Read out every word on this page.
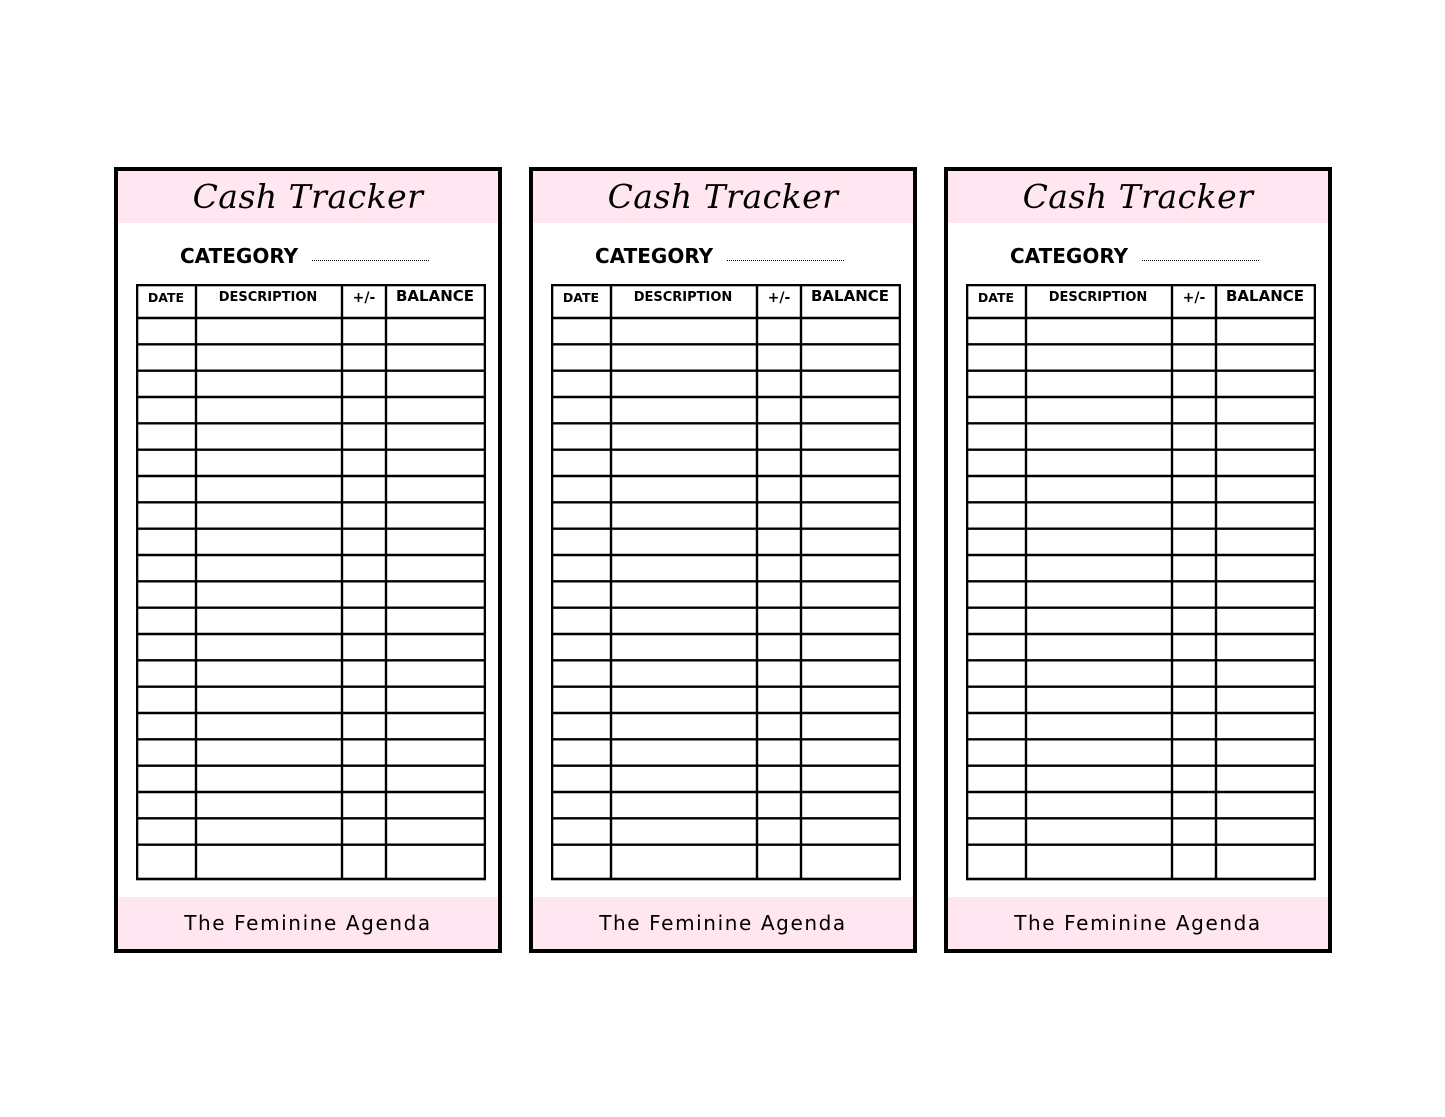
Cash Tracker
CATEGORY
DATE	DESCRIPTION	+/-	BALANCE
The Feminine Agenda
Cash Tracker
CATEGORY
DATE	DESCRIPTION	+/-	BALANCE
The Feminine Agenda
Cash Tracker
CATEGORY
DATE	DESCRIPTION	+/-	BALANCE
The Feminine Agenda
